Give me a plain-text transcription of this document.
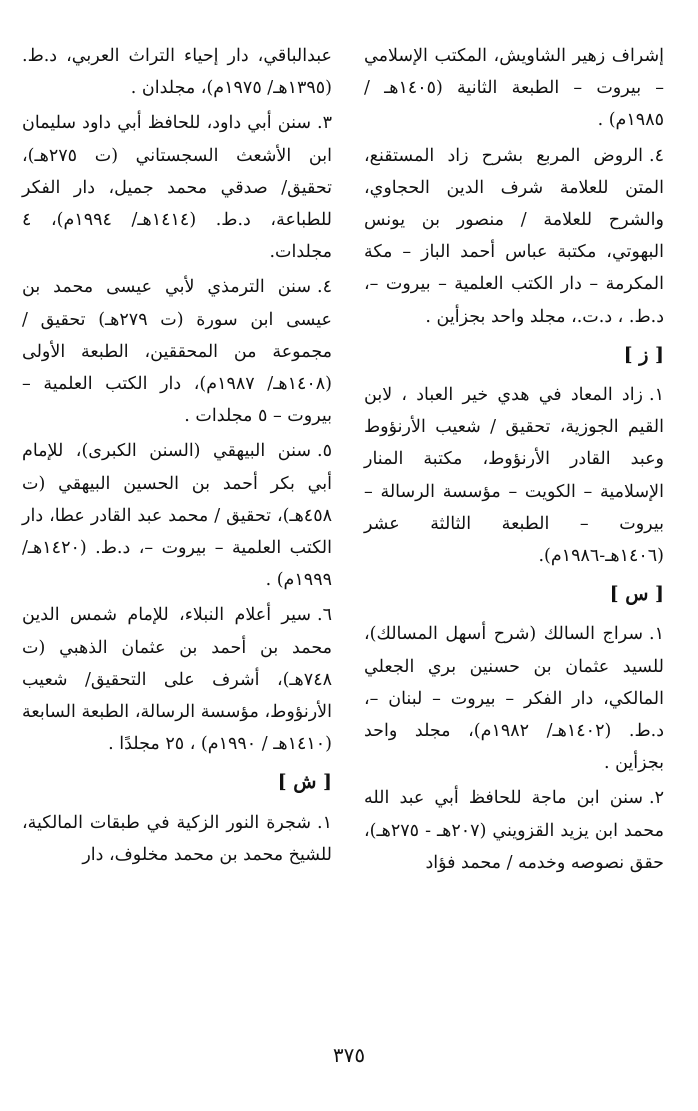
إشراف زهير الشاويش، المكتب الإسلامي – بيروت – الطبعة الثانية (١٤٠٥هـ / ١٩٨٥م) .
٤.الروض المربع بشرح زاد المستقنع، المتن للعلامة شرف الدين الحجاوي، والشرح للعلامة / منصور بن يونس البهوتي، مكتبة عباس أحمد الباز – مكة المكرمة – دار الكتب العلمية – بيروت –، د.ط. ، د.ت.، مجلد واحد بجزأين .
[ ز ]
١.زاد المعاد في هدي خير العباد ، لابن القيم الجوزية، تحقيق / شعيب الأرنؤوط وعبد القادر الأرنؤوط، مكتبة المنار الإسلامية – الكويت – مؤسسة الرسالة – بيروت – الطبعة الثالثة عشر (١٤٠٦هـ-١٩٨٦م).
[ س ]
١.سراج السالك (شرح أسهل المسالك)، للسيد عثمان بن حسنين بري الجعلي المالكي، دار الفكر – بيروت – لبنان –، د.ط. (١٤٠٢هـ/ ١٩٨٢م)، مجلد واحد بجزأين .
٢.سنن ابن ماجة للحافظ أبي عبد الله محمد ابن يزيد القزويني (٢٠٧هـ - ٢٧٥هـ)، حقق نصوصه وخدمه / محمد فؤاد
عبدالباقي، دار إحياء التراث العربي، د.ط. (١٣٩٥هـ/ ١٩٧٥م)، مجلدان .
٣.سنن أبي داود، للحافظ أبي داود سليمان ابن الأشعث السجستاني (ت ٢٧٥هـ)، تحقيق/ صدقي محمد جميل، دار الفكر للطباعة، د.ط. (١٤١٤هـ/ ١٩٩٤م)، ٤ مجلدات.
٤.سنن الترمذي لأبي عيسى محمد بن عيسى ابن سورة (ت ٢٧٩هـ) تحقيق / مجموعة من المحققين، الطبعة الأولى (١٤٠٨هـ/ ١٩٨٧م)، دار الكتب العلمية – بيروت – ٥ مجلدات .
٥.سنن البيهقي (السنن الكبرى)، للإمام أبي بكر أحمد بن الحسين البيهقي (ت ٤٥٨هـ)، تحقيق / محمد عبد القادر عطا، دار الكتب العلمية – بيروت –، د.ط. (١٤٢٠هـ/ ١٩٩٩م) .
٦.سير أعلام النبلاء، للإمام شمس الدين محمد بن أحمد بن عثمان الذهبي (ت ٧٤٨هـ)، أشرف على التحقيق/ شعيب الأرنؤوط، مؤسسة الرسالة، الطبعة السابعة (١٤١٠هـ / ١٩٩٠م) ، ٢٥ مجلدًا .
[ ش ]
١.شجرة النور الزكية في طبقات المالكية، للشيخ محمد بن محمد مخلوف، دار
٣٧٥
